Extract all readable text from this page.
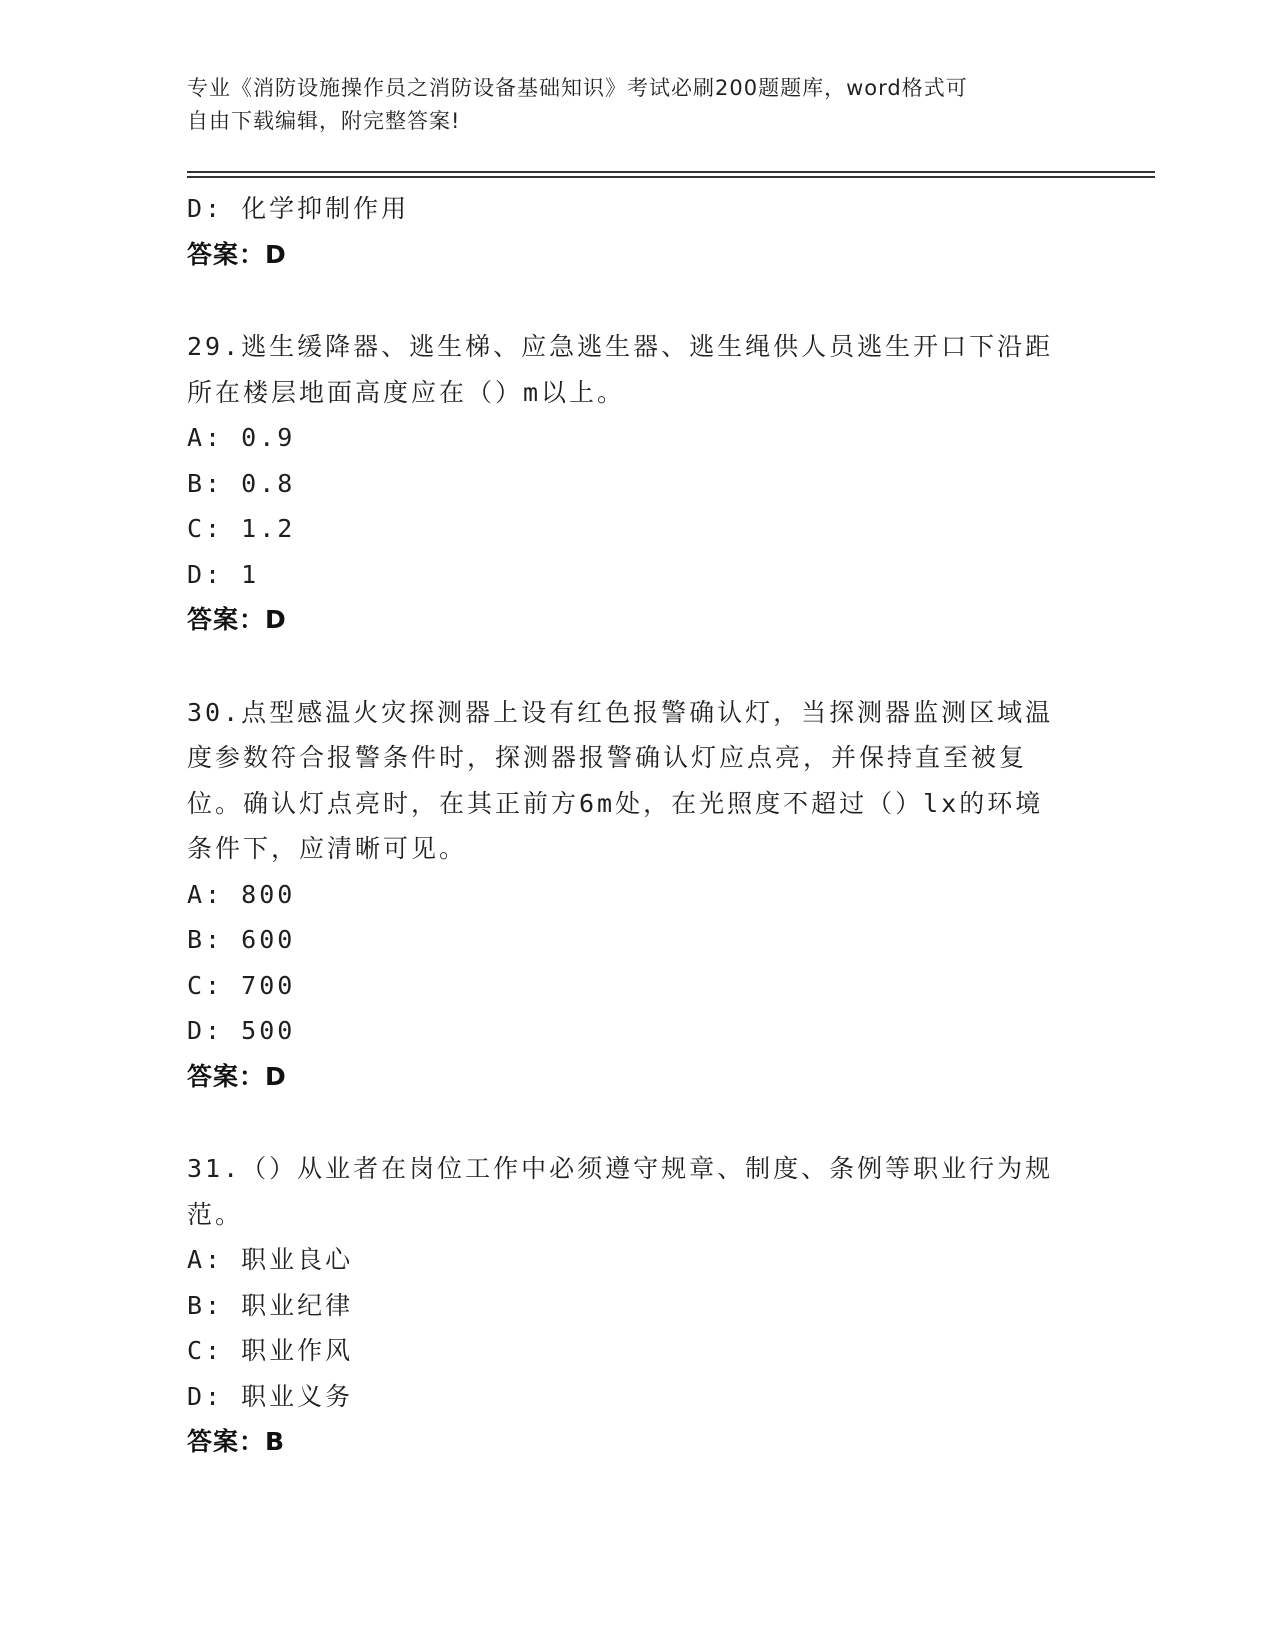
专业《消防设施操作员之消防设备基础知识》考试必刷200题题库，word格式可
自由下载编辑，附完整答案!
D: 化学抑制作用
答案：D
29.逃生缓降器、逃生梯、应急逃生器、逃生绳供人员逃生开口下沿距
所在楼层地面高度应在（）m以上。
A: 0.9
B: 0.8
C: 1.2
D: 1
答案：D
30.点型感温火灾探测器上设有红色报警确认灯，当探测器监测区域温
度参数符合报警条件时，探测器报警确认灯应点亮，并保持直至被复
位。确认灯点亮时，在其正前方6m处，在光照度不超过（）lx的环境
条件下，应清晰可见。
A: 800
B: 600
C: 700
D: 500
答案：D
31.（）从业者在岗位工作中必须遵守规章、制度、条例等职业行为规
范。
A: 职业良心
B: 职业纪律
C: 职业作风
D: 职业义务
答案：B
